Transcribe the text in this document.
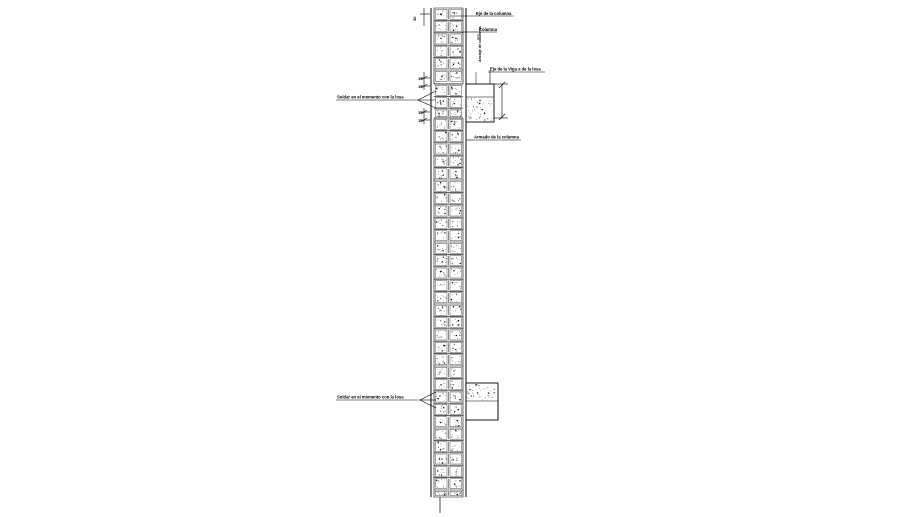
30
15
15
15
15
Eje de la columna
Columna
Eje de la Viga a de la losa
Anclaje de columnas
Soldar en el momento con la losa
Armado de la columna
Soldar en el momento con la losa
